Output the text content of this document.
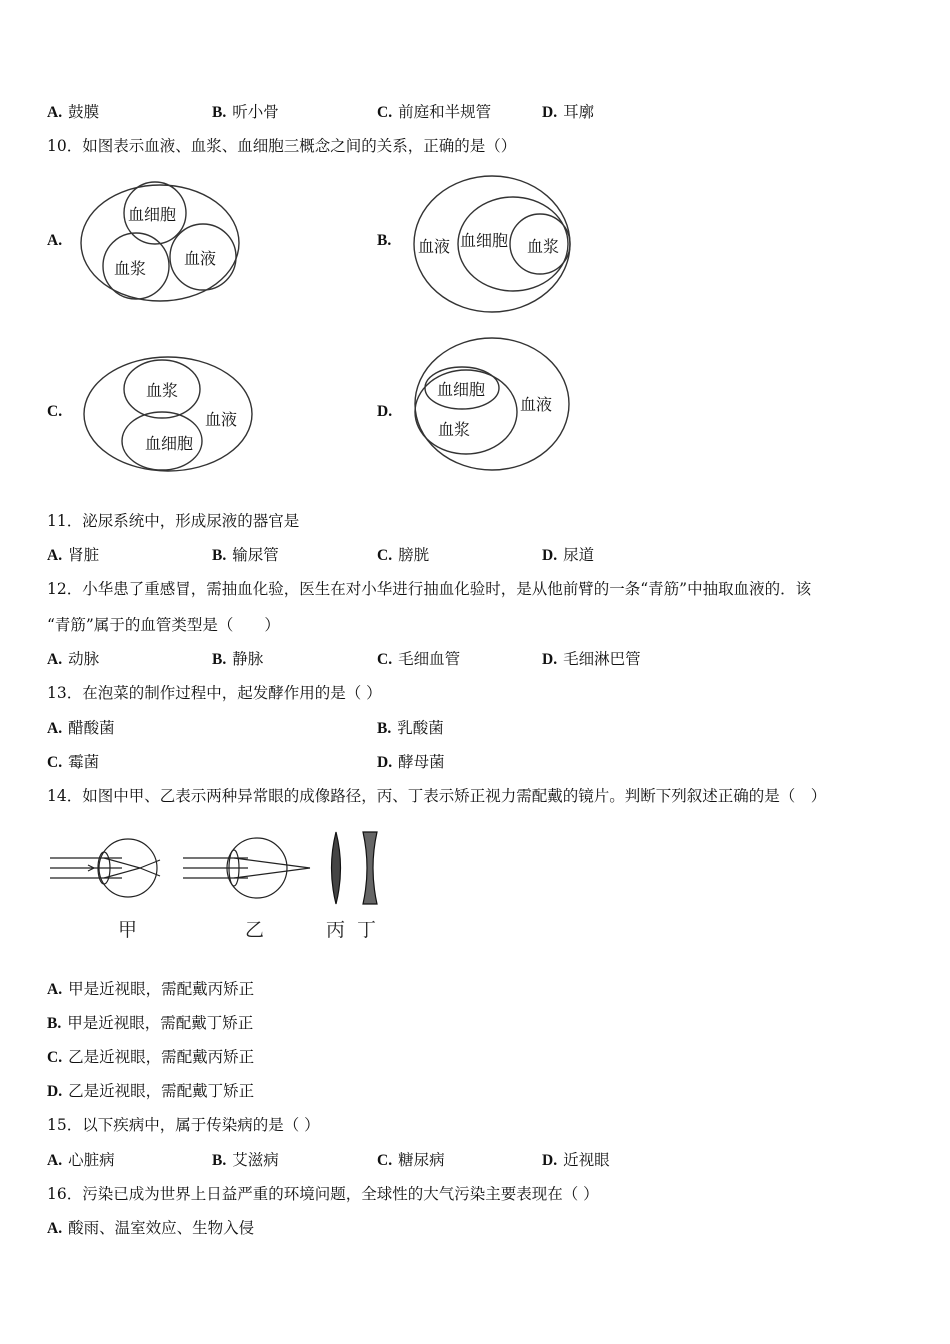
A. 鼓膜	B. 听小骨	C. 前庭和半规管	D. 耳廓
10．如图表示血液、血浆、血细胞三概念之间的关系，正确的是（）
A.	B.
C.	D.
血细胞
血浆
血液
血液 血细胞 血浆
血浆
血液
血细胞
血细胞
血液
血浆
甲	乙	丙 丁
11．泌尿系统中，形成尿液的器官是
A. 肾脏	B. 输尿管	C. 膀胱	D. 尿道
12．小华患了重感冒，需抽血化验，医生在对小华进行抽血化验时，是从他前臂的一条“青筋”中抽取血液的．该
“青筋”属于的血管类型是（　　）
A. 动脉	B. 静脉	C. 毛细血管	D. 毛细淋巴管
13．在泡菜的制作过程中，起发酵作用的是（ ）
A. 醋酸菌	B. 乳酸菌
C. 霉菌	D. 酵母菌
14．如图中甲、乙表示两种异常眼的成像路径，丙、丁表示矫正视力需配戴的镜片。判断下列叙述正确的是（　）
A. 甲是近视眼，需配戴丙矫正
B. 甲是近视眼，需配戴丁矫正
C. 乙是近视眼，需配戴丙矫正
D. 乙是近视眼，需配戴丁矫正
15．以下疾病中，属于传染病的是（ ）
A. 心脏病	B. 艾滋病	C. 糖尿病	D. 近视眼
16．污染已成为世界上日益严重的环境问题，全球性的大气污染主要表现在（ ）
A. 酸雨、温室效应、生物入侵
